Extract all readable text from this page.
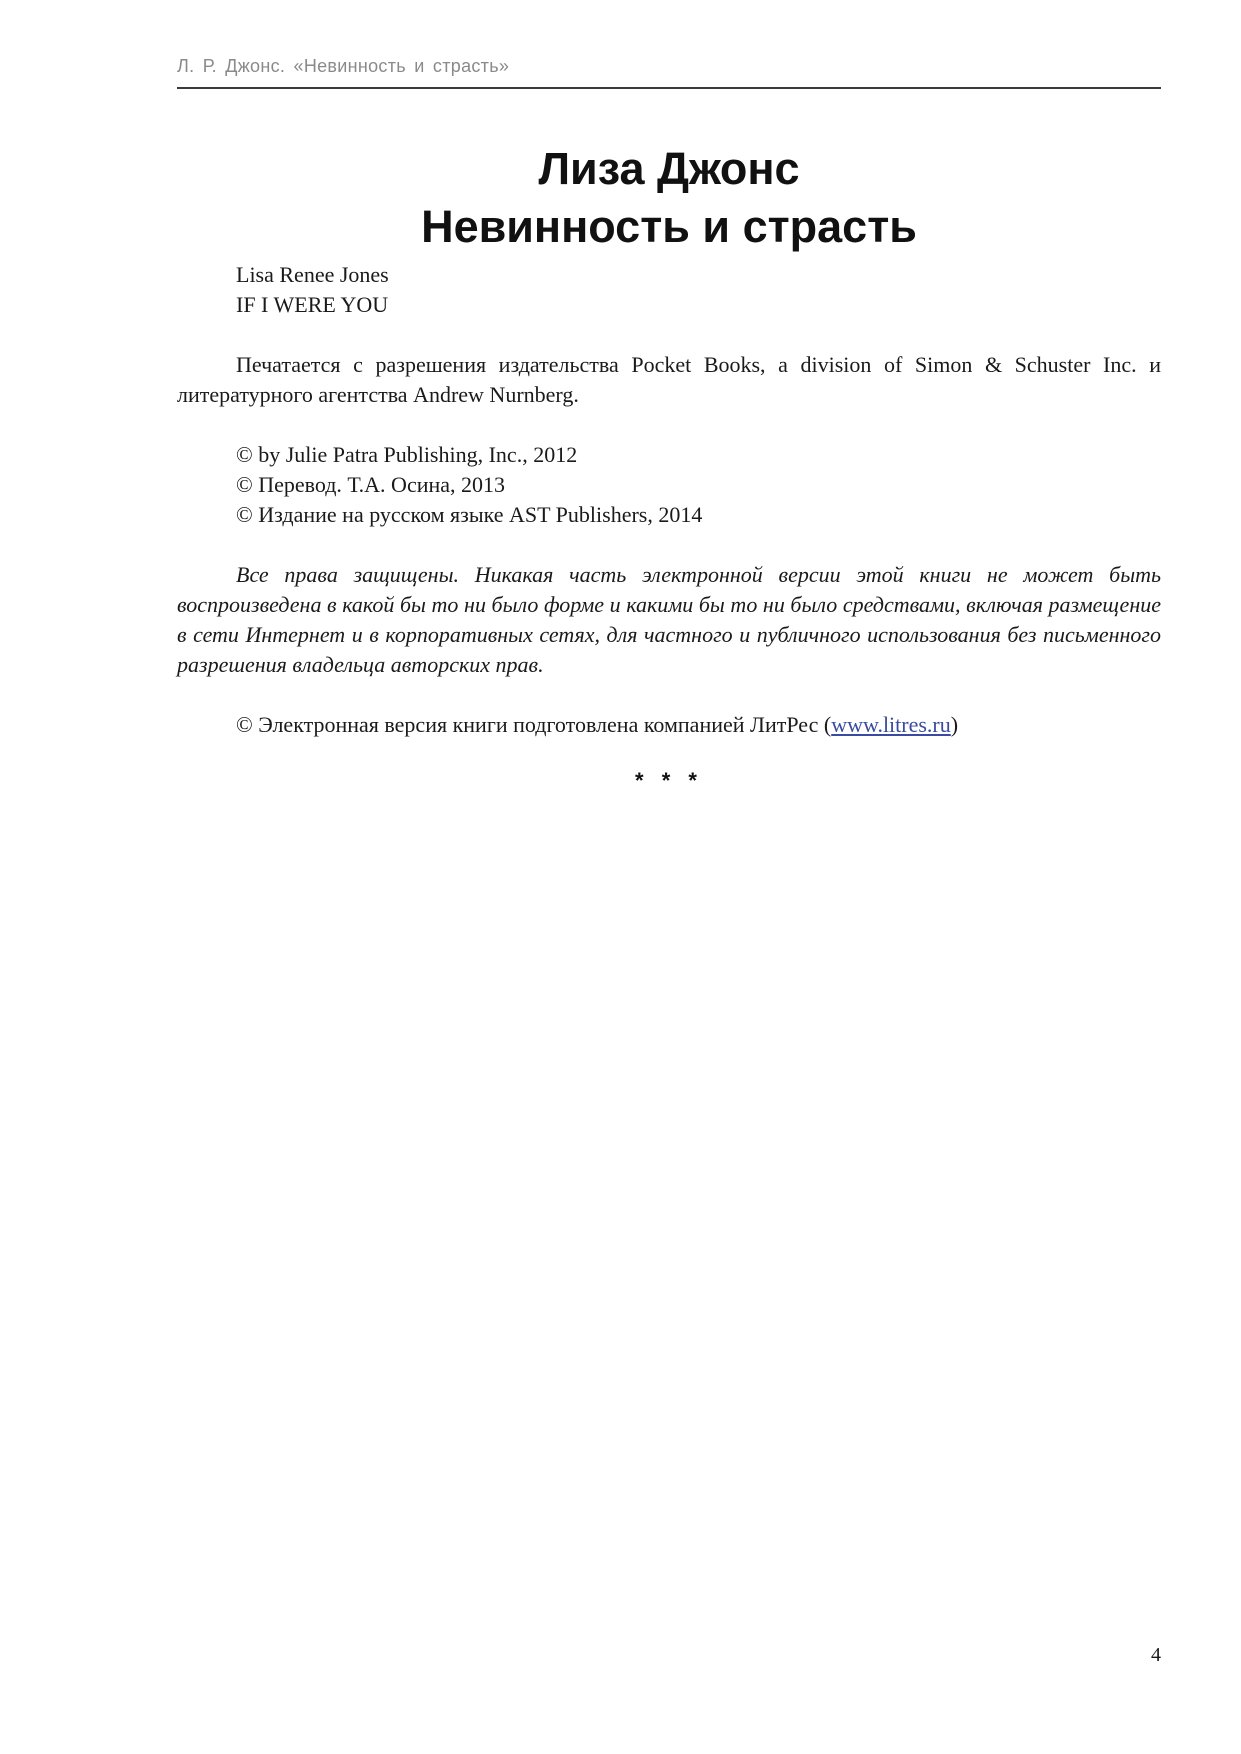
Л. Р. Джонс. «Невинность и страсть»
Лиза Джонс
Невинность и страсть
Lisa Renee Jones
IF I WERE YOU

Печатается с разрешения издательства Pocket Books, a division of Simon & Schuster Inc. и литературного агентства Andrew Nurnberg.

© by Julie Patra Publishing, Inc., 2012
© Перевод. Т.А. Осина, 2013
© Издание на русском языке AST Publishers, 2014

Все права защищены. Никакая часть электронной версии этой книги не может быть воспроизведена в какой бы то ни было форме и какими бы то ни было средствами, включая размещение в сети Интернет и в корпоративных сетях, для частного и публичного использования без письменного разрешения владельца авторских прав.

© Электронная версия книги подготовлена компанией ЛитРес (www.litres.ru)
* * *
4
